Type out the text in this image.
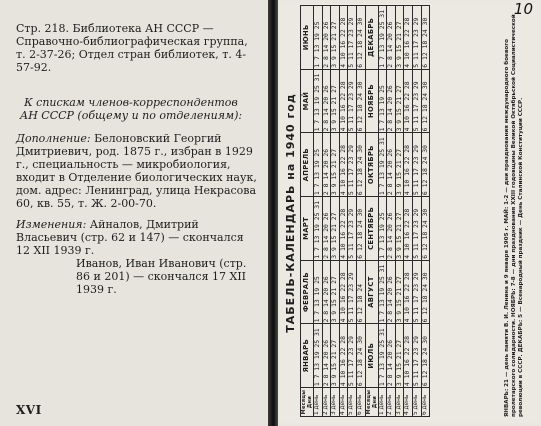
Стр. 218. Библиотека АН СССР — Справочно-библиографическая группа, т. 2-37-26; Отдел стран библиотек, т. 4-57-92.

К спискам членов-корреспондентов АН СССР (общему и по отделениям):

Дополнение: Белоновский Георгий Дмитриевич, род. 1875 г., избран в 1929 г., специальность — микробиология, входит в Отделение биологических наук, дом. адрес: Ленинград, улица Некрасова 60, кв. 55, т. Ж. 2-00-70.

Изменения: Айналов, Дмитрий Власьевич (стр. 62 и 147) — скончался 12 XII 1939 г.
Иванов, Иван Иванович (стр. 86 и 201) — скончался 17 XII 1939 г.

XVI
ТАБЕЛЬ-КАЛЕНДАРЬ на 1940 год
Месяцы Дни	ЯНВАРЬ	ФЕВРАЛЬ	МАРТ	АПРЕЛЬ	МАЙ	ИЮНЬ
1 день	1 7 13 19 25 31	1 7 13 19 25	1 7 13 19 25 31	1 7 13 19 25	1 7 13 19 25 31	1 7 13 19 25
2 день	2 8 14 20 26	2 8 14 20 26	2 8 14 20 26	2 8 14 20 26	2 8 14 20 26	2 8 14 20 26
3 день	3 9 15 21 27	3 9 15 21 27	3 9 15 21 27	3 9 15 21 27	3 9 15 21 27	3 9 15 21 27
4 день	4 10 16 22 28	4 10 16 22 28	4 10 16 22 28	4 10 16 22 28	4 10 16 22 28	4 10 16 22 28
5 день	5 11 17 23 29	5 11 17 23 29	5 11 17 23 29	5 11 17 23 29	5 11 17 23 29	5 11 17 23 29
6 день	6 12 18 24 30	6 12 18 24	6 12 18 24 30	6 12 18 24 30	6 12 18 24 30	6 12 18 24 30

Месяцы Дни	ИЮЛЬ	АВГУСТ	СЕНТЯБРЬ	ОКТЯБРЬ	НОЯБРЬ	ДЕКАБРЬ
1 день	1 7 13 19 25 31	1 7 13 19 25 31	1 7 13 19 25	1 7 13 19 25 31	1 7 13 19 25	1 7 13 19 25 31
2 день	2 8 14 20 26	2 8 14 20 26	2 8 14 20 26	2 8 14 20 26	2 8 14 20 26	2 8 14 20 26
3 день	3 9 15 21 27	3 9 15 21 27	3 9 15 21 27	3 9 15 21 27	3 9 15 21 27	3 9 15 21 27
4 день	4 10 16 22 28	4 10 16 22 28	4 10 16 22 28	4 10 16 22 28	4 10 16 22 28	4 10 16 22 28
5 день	5 11 17 23 29	5 11 17 23 29	5 11 17 23 29	5 11 17 23 29	5 11 17 23 29	5 11 17 23 29
6 день	6 12 18 24 30	6 12 18 24 30	6 12 18 24 30	6 12 18 24 30	6 12 18 24 30	6 12 18 24 30	ЯНВАРЬ: 21 — день памяти В. И. Ленина и 9 января 1905 г. МАЙ: 1-2 — дни празднования международного боевого пролетарского солидарности. НОЯБРЬ: 7-8 — дни празднования XXIII годовщины Великой Октябрьской Социалистической революции в СССР. ДЕКАБРЬ: 5 — Всенародный праздник — День Сталинской Конституции СССР.
10
